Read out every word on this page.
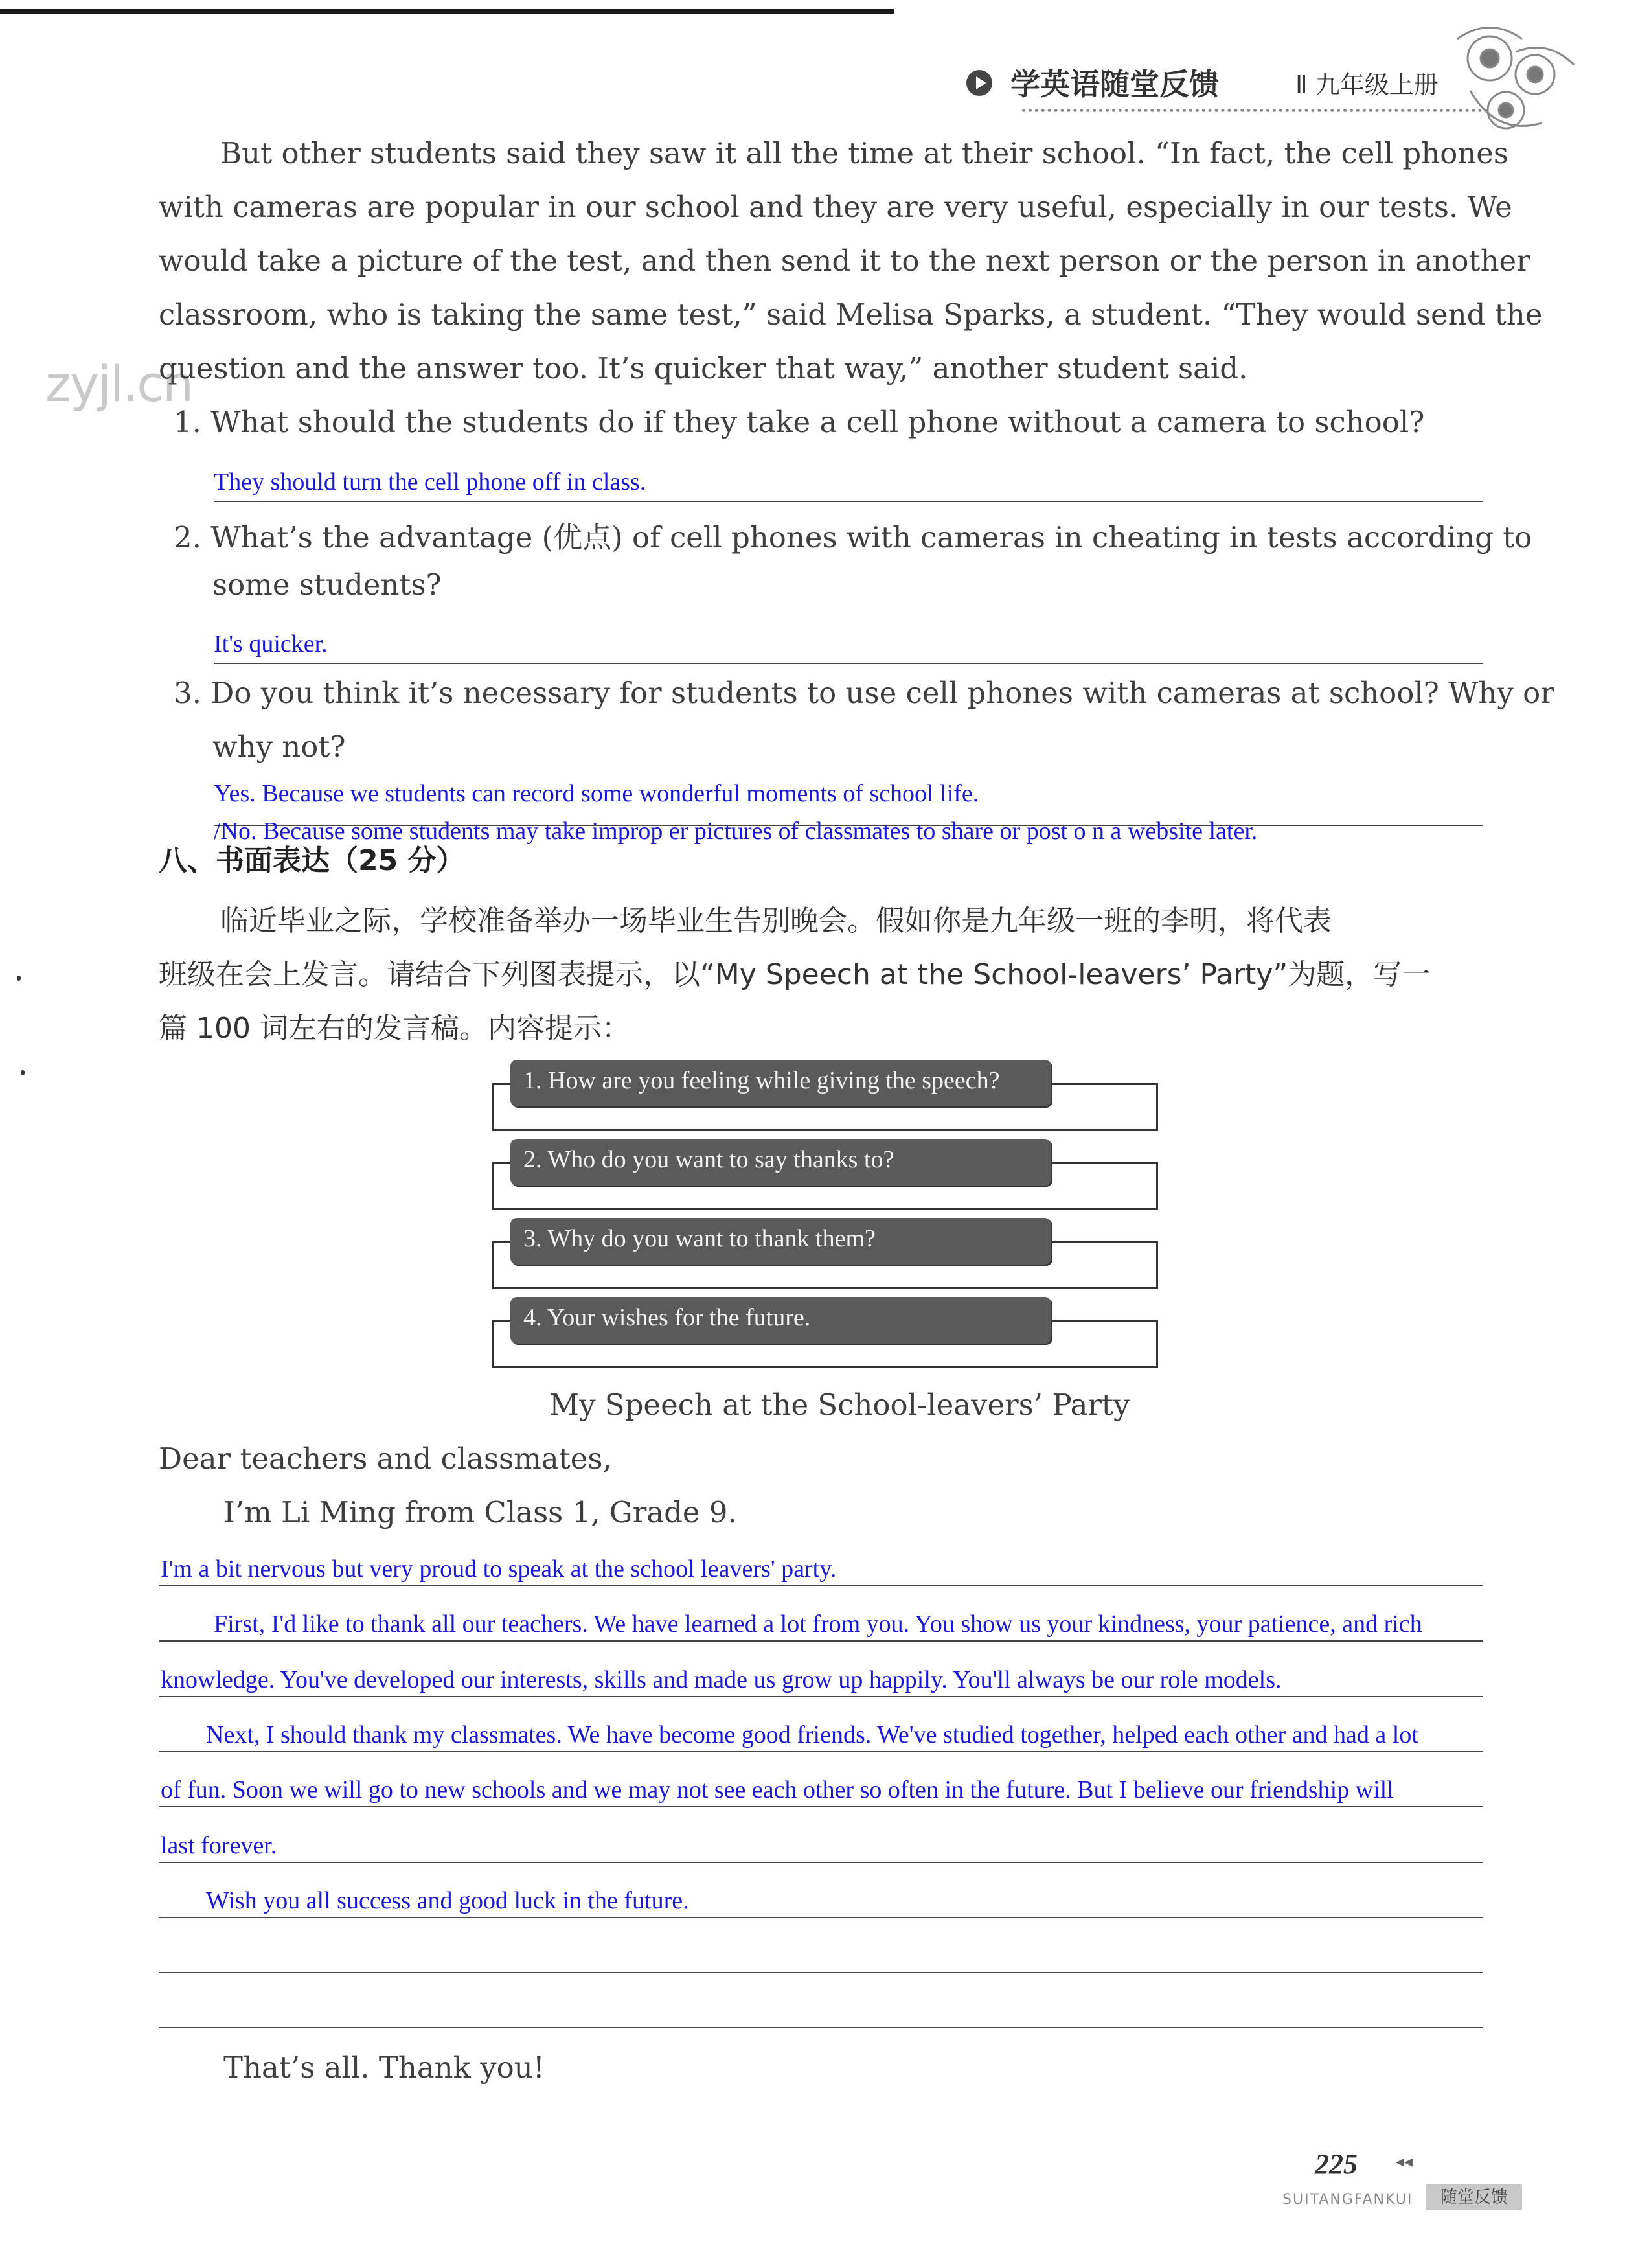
学英语随堂反馈	Ⅱ 九年级上册
zyjl.cn
But other students said they saw it all the time at their school. “In fact, the cell phones
with cameras are popular in our school and they are very useful, especially in our tests. We
would take a picture of the test, and then send it to the next person or the person in another
classroom, who is taking the same test,” said Melisa Sparks, a student. “They would send the
question and the answer too. It’s quicker that way,” another student said.
1. What should the students do if they take a cell phone without a camera to school?
They should turn the cell phone off in class.
2. What’s the advantage (优点) of cell phones with cameras in cheating in tests according to
some students?
It's quicker.
3. Do you think it’s necessary for students to use cell phones with cameras at school? Why or
why not?
Yes. Because we students can record some wonderful moments of school life.
/No. Because some students may take improp er pictures of classmates to share or post o n a website later.
八、书面表达（25 分）
临近毕业之际，学校准备举办一场毕业生告别晚会。假如你是九年级一班的李明，将代表
班级在会上发言。请结合下列图表提示，以“My Speech at the School-leavers’ Party”为题，写一
篇 100 词左右的发言稿。内容提示：
1. How are you feeling while giving the speech?
2. Who do you want to say thanks to?
3. Why do you want to thank them?
4. Your wishes for the future.
My Speech at the School-leavers’ Party
Dear teachers and classmates,
I’m Li Ming from Class 1, Grade 9.
I'm a bit nervous but very proud to speak at the school leavers' party.
First, I'd like to thank all our teachers. We have learned a lot from you. You show us your kindness, your patience, and rich
knowledge. You've developed our interests, skills and made us grow up happily. You'll always be our role models.
Next, I should thank my classmates. We have become good friends. We've studied together, helped each other and had a lot
of fun. Soon we will go to new schools and we may not see each other so often in the future. But I believe our friendship will
last forever.
Wish you all success and good luck in the future.
That’s all. Thank you!
225 ◂◂
SUITANGFANKUI	随堂反馈
